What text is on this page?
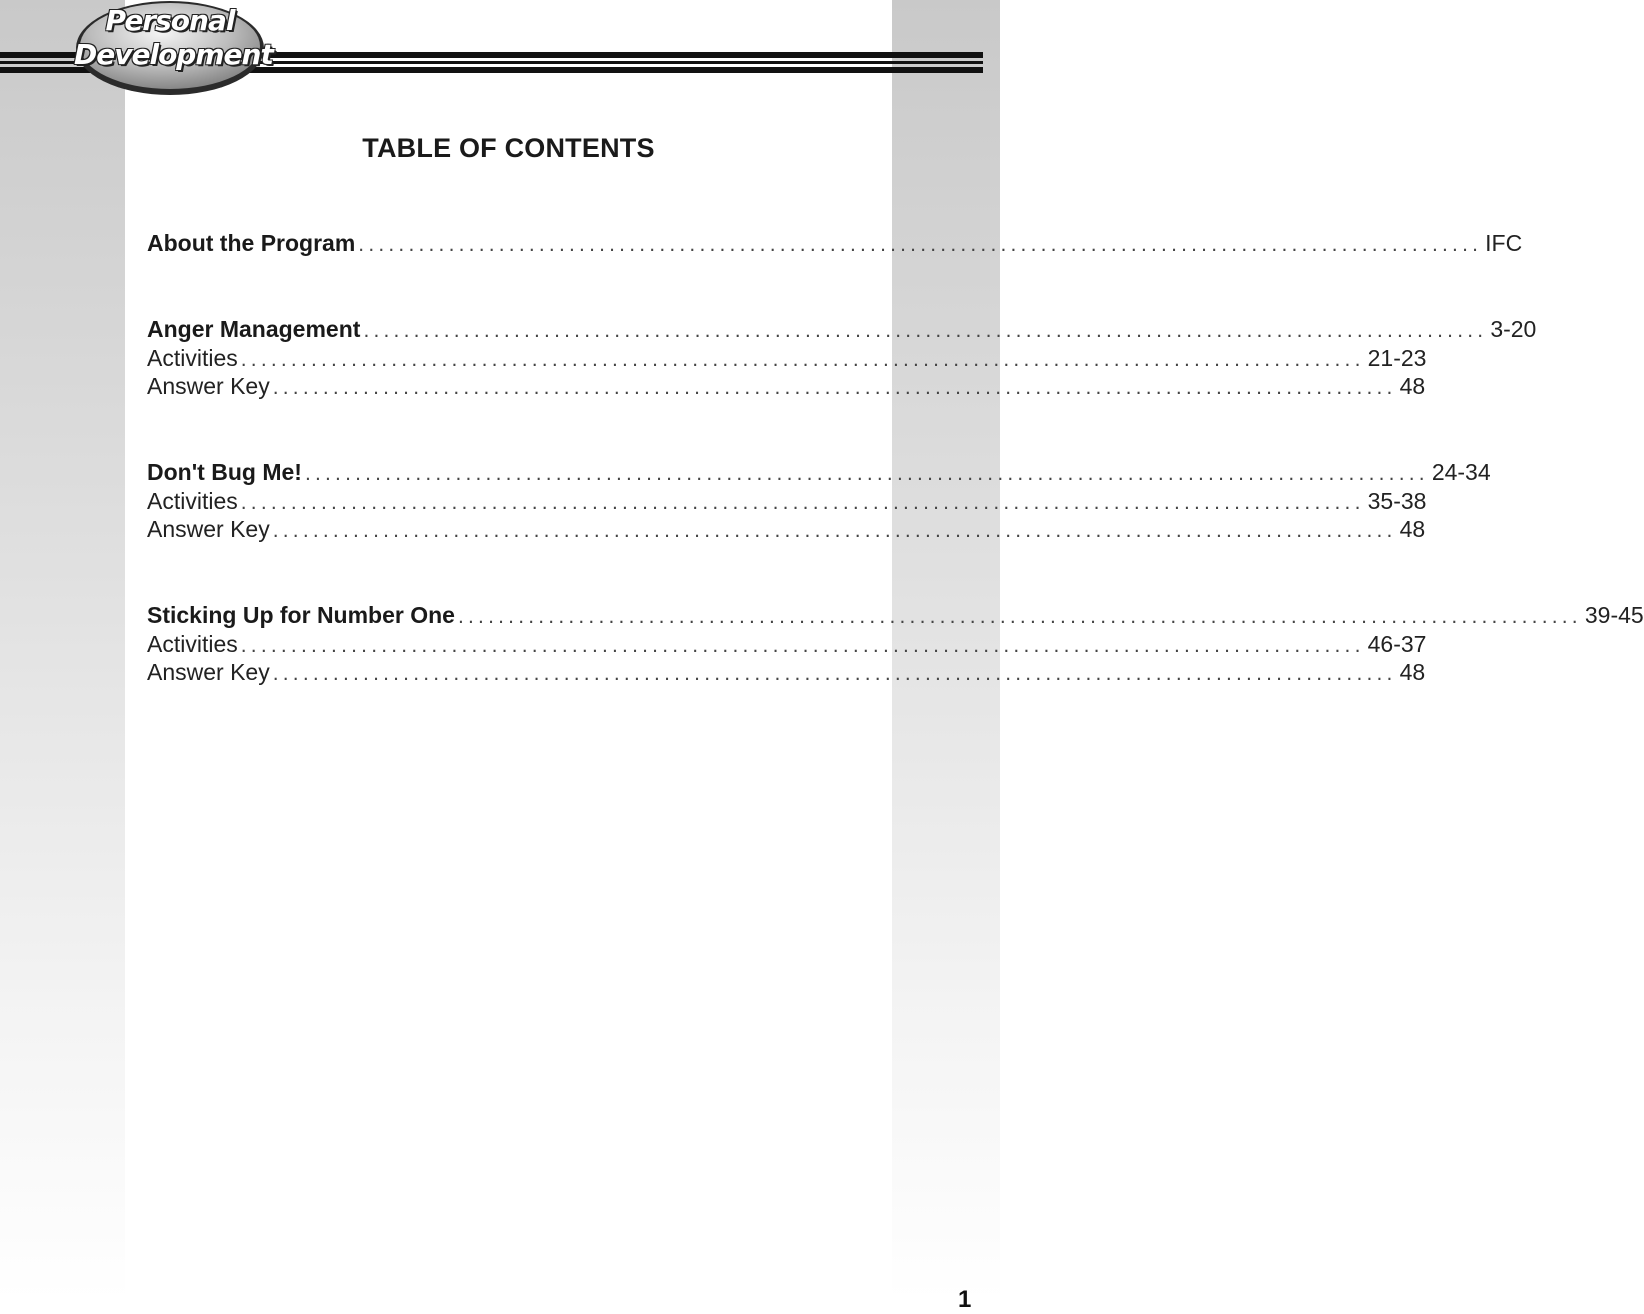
Personal
Development
TABLE OF CONTENTS
About the Program ................................................................................................................ IFC
Anger Management ................................................................................................................ 3-20
Activities ................................................................................................................ 21-23
Answer Key ................................................................................................................ 48
Don't Bug Me! ................................................................................................................ 24-34
Activities ................................................................................................................ 35-38
Answer Key ................................................................................................................ 48
Sticking Up for Number One ................................................................................................................ 39-45
Activities ................................................................................................................ 46-37
Answer Key ................................................................................................................ 48
1
